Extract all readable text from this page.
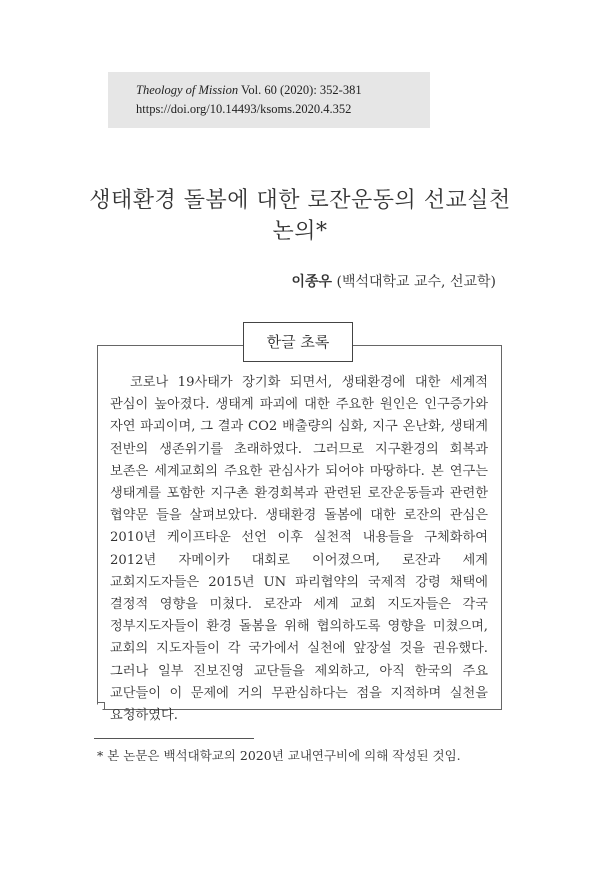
Theology of Mission Vol. 60 (2020): 352-381
https://doi.org/10.14493/ksoms.2020.4.352
생태환경 돌봄에 대한 로잔운동의 선교실천
논의*
이종우 (백석대학교 교수, 선교학)
한글 초록
코로나 19사태가 장기화 되면서, 생태환경에 대한 세계적 관심이 높아졌다. 생태계 파괴에 대한 주요한 원인은 인구증가와 자연 파괴이며, 그 결과 CO2 배출량의 심화, 지구 온난화, 생태계 전반의 생존위기를 초래하였다. 그러므로 지구환경의 회복과 보존은 세계교회의 주요한 관심사가 되어야 마땅하다. 본 연구는 생태계를 포함한 지구촌 환경회복과 관련된 로잔운동들과 관련한 협약문 들을 살펴보았다. 생태환경 돌봄에 대한 로잔의 관심은 2010년 케이프타운 선언 이후 실천적 내용들을 구체화하여 2012년 자메이카 대회로 이어졌으며, 로잔과 세계 교회지도자들은 2015년 UN 파리협약의 국제적 강령 채택에 결정적 영향을 미쳤다. 로잔과 세계 교회 지도자들은 각국 정부지도자들이 환경 돌봄을 위해 협의하도록 영향을 미쳤으며, 교회의 지도자들이 각 국가에서 실천에 앞장설 것을 권유했다. 그러나 일부 진보진영 교단들을 제외하고, 아직 한국의 주요 교단들이 이 문제에 거의 무관심하다는 점을 지적하며 실천을 요청하였다.
* 본 논문은 백석대학교의 2020년 교내연구비에 의해 작성된 것임.
